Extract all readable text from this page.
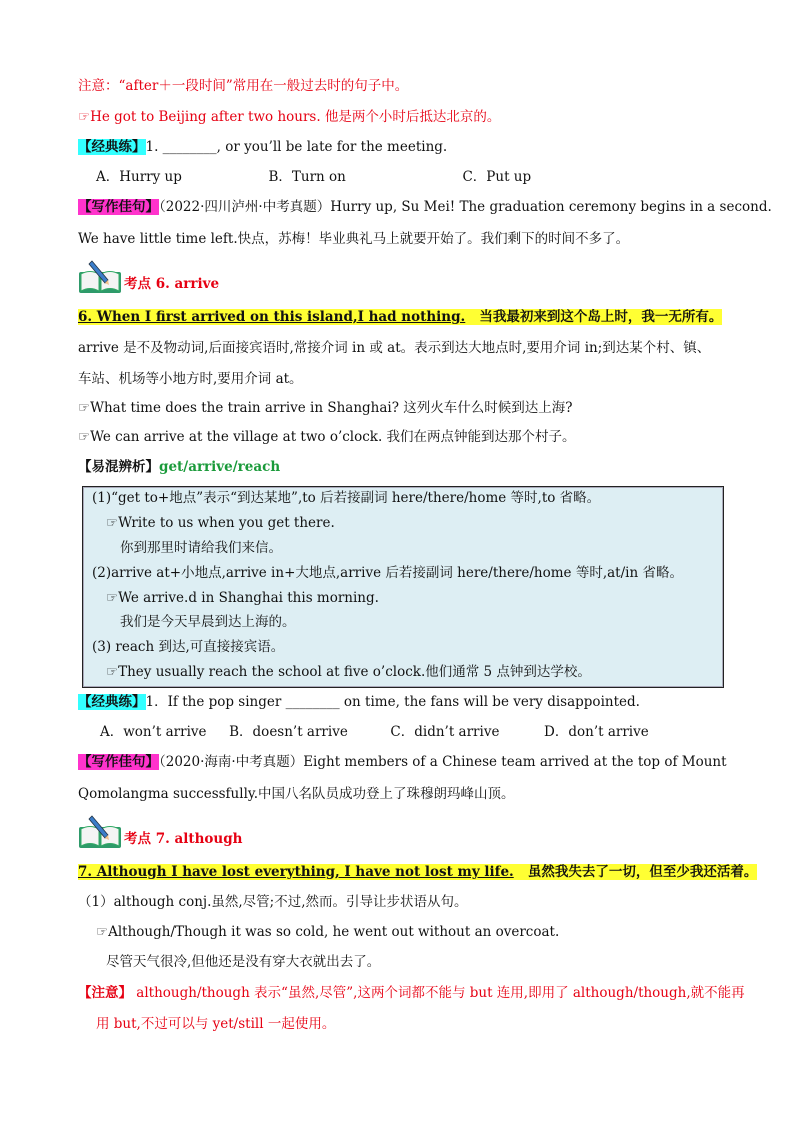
注意：“after＋一段时间”常用在一般过去时的句子中。
☞He got to Beijing after two hours. 他是两个小时后抵达北京的。
【经典练】1. ________, or you’ll be late for the meeting.
A．Hurry up	B．Turn on	C．Put up
【写作佳句】（2022·四川泸州·中考真题）Hurry up, Su Mei! The graduation ceremony begins in a second.
We have little time left.快点，苏梅！毕业典礼马上就要开始了。我们剩下的时间不多了。
考点 6. arrive
6. When I first arrived on this island,I had nothing. 当我最初来到这个岛上时，我一无所有。
arrive 是不及物动词,后面接宾语时,常接介词 in 或 at。表示到达大地点时,要用介词 in;到达某个村、镇、
车站、机场等小地方时,要用介词 at。
☞What time does the train arrive in Shanghai? 这列火车什么时候到达上海?
☞We can arrive at the village at two o’clock. 我们在两点钟能到达那个村子。
【易混辨析】get/arrive/reach
(1)“get to+地点”表示“到达某地”,to 后若接副词 here/there/home 等时,to 省略。
☞Write to us when you get there.
你到那里时请给我们来信。
(2)arrive at+小地点,arrive in+大地点,arrive 后若接副词 here/there/home 等时,at/in 省略。
☞We arrive.d in Shanghai this morning.
我们是今天早晨到达上海的。
(3) reach 到达,可直接接宾语。
☞They usually reach the school at five o’clock.他们通常 5 点钟到达学校。
【经典练】1．If the pop singer ________ on time, the fans will be very disappointed.
A．won’t arrive B．doesn’t arrive	C．didn’t arrive	D．don’t arrive
【写作佳句】（2020·海南·中考真题）Eight members of a Chinese team arrived at the top of Mount
Qomolangma successfully.中国八名队员成功登上了珠穆朗玛峰山顶。
考点 7. although
7. Although I have lost everything, I have not lost my life. 虽然我失去了一切，但至少我还活着。
（1）although conj.虽然,尽管;不过,然而。引导让步状语从句。
☞Although/Though it was so cold, he went out without an overcoat.
尽管天气很冷,但他还是没有穿大衣就出去了。
【注意】 although/though 表示“虽然,尽管”,这两个词都不能与 but 连用,即用了 although/though,就不能再
用 but,不过可以与 yet/still 一起使用。
